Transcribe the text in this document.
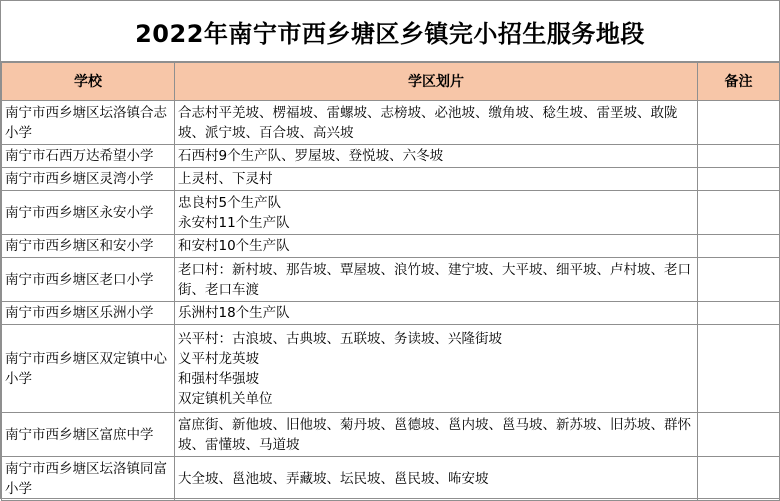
2022年南宁市西乡塘区乡镇完小招生服务地段
学校	学区划片	备注
南宁市西乡塘区坛洛镇合志小学	合志村平羌坡、楞福坡、雷螺坡、志榜坡、必池坡、缴角坡、稔生坡、雷垩坡、敢陇坡、派宁坡、百合坡、高兴坡	

南宁市石西万达希望小学	石西村9个生产队、罗屋坡、登悦坡、六冬坡	

南宁市西乡塘区灵湾小学	上灵村、下灵村	

南宁市西乡塘区永安小学	忠良村5个生产队
永安村11个生产队	

南宁市西乡塘区和安小学	和安村10个生产队	

南宁市西乡塘区老口小学	老口村：新村坡、那告坡、覃屋坡、浪竹坡、建宁坡、大平坡、细平坡、卢村坡、老口街、老口车渡	

南宁市西乡塘区乐洲小学	乐洲村18个生产队	

南宁市西乡塘区双定镇中心小学	兴平村：古浪坡、古典坡、五联坡、务读坡、兴隆街坡
义平村龙英坡
和强村华强坡
双定镇机关单位	

南宁市西乡塘区富庶中学	富庶街、新他坡、旧他坡、菊丹坡、邕德坡、邕内坡、邕马坡、新苏坡、旧苏坡、群怀坡、雷懂坡、马道坡	

南宁市西乡塘区坛洛镇同富小学	大全坡、邕池坡、弄藏坡、坛民坡、邕民坡、咘安坡	
